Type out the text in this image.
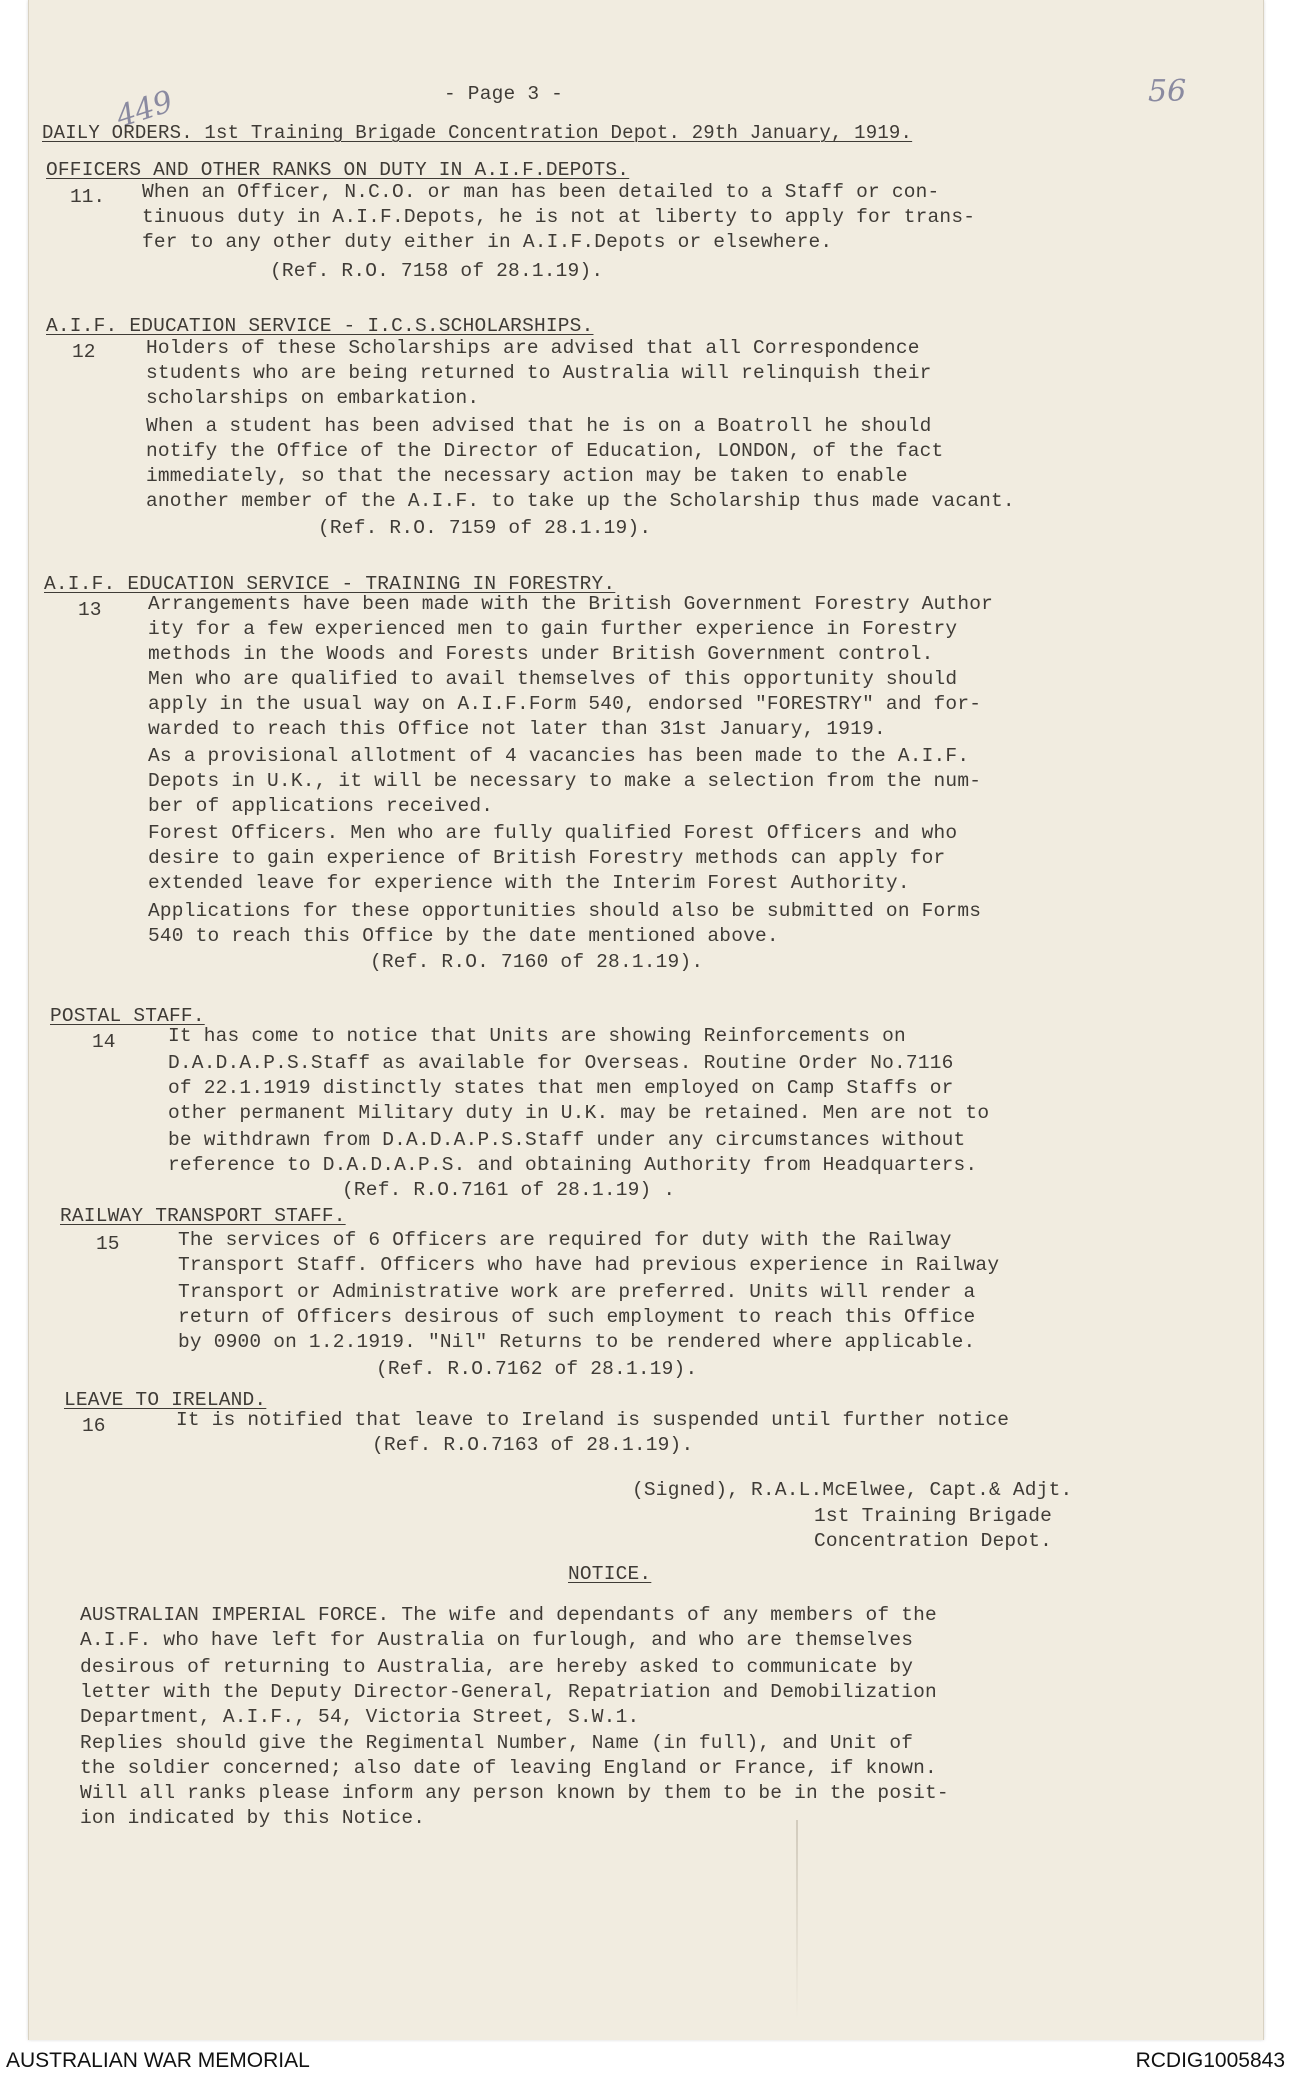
449	56

- Page 3 -

DAILY ORDERS. 1st Training Brigade Concentration Depot. 29th January, 1919.

OFFICERS AND OTHER RANKS ON DUTY IN A.I.F.DEPOTS.

11. When an Officer, N.C.O. or man has been detailed to a Staff or con-

tinuous duty in A.I.F.Depots, he is not at liberty to apply for trans-

fer to any other duty either in A.I.F.Depots or elsewhere.

(Ref. R.O. 7158 of 28.1.19).

A.I.F. EDUCATION SERVICE - I.C.S.SCHOLARSHIPS.

12	Holders of these Scholarships are advised that all Correspondence

students who are being returned to Australia will relinquish their

scholarships on embarkation.

When a student has been advised that he is on a Boatroll he should

notify the Office of the Director of Education, LONDON, of the fact

immediately, so that the necessary action may be taken to enable

another member of the A.I.F. to take up the Scholarship thus made vacant.

(Ref. R.O. 7159 of 28.1.19).

A.I.F. EDUCATION SERVICE - TRAINING IN FORESTRY.

13 Arrangements have been made with the British Government Forestry Author

ity for a few experienced men to gain further experience in Forestry

methods in the Woods and Forests under British Government control.

Men who are qualified to avail themselves of this opportunity should

apply in the usual way on A.I.F.Form 540, endorsed "FORESTRY" and for-

warded to reach this Office not later than 31st January, 1919.

As a provisional allotment of 4 vacancies has been made to the A.I.F.

Depots in U.K., it will be necessary to make a selection from the num-

ber of applications received.

Forest Officers. Men who are fully qualified Forest Officers and who

desire to gain experience of British Forestry methods can apply for

extended leave for experience with the Interim Forest Authority.

Applications for these opportunities should also be submitted on Forms

540 to reach this Office by the date mentioned above.

(Ref. R.O. 7160 of 28.1.19).

POSTAL STAFF.

14	It has come to notice that Units are showing Reinforcements on

D.A.D.A.P.S.Staff as available for Overseas. Routine Order No.7116

of 22.1.1919 distinctly states that men employed on Camp Staffs or

other permanent Military duty in U.K. may be retained. Men are not to

be withdrawn from D.A.D.A.P.S.Staff under any circumstances without

reference to D.A.D.A.P.S. and obtaining Authority from Headquarters.

(Ref. R.O.7161 of 28.1.19) .

RAILWAY TRANSPORT STAFF.

15	The services of 6 Officers are required for duty with the Railway

Transport Staff. Officers who have had previous experience in Railway

Transport or Administrative work are preferred. Units will render a

return of Officers desirous of such employment to reach this Office

by 0900 on 1.2.1919. "Nil" Returns to be rendered where applicable.

(Ref. R.O.7162 of 28.1.19).

LEAVE TO IRELAND.

16	It is notified that leave to Ireland is suspended until further notice

(Ref. R.O.7163 of 28.1.19).

(Signed), R.A.L.McElwee, Capt.& Adjt.

1st Training Brigade

Concentration Depot.

NOTICE.

AUSTRALIAN IMPERIAL FORCE. The wife and dependants of any members of the

A.I.F. who have left for Australia on furlough, and who are themselves

desirous of returning to Australia, are hereby asked to communicate by

letter with the Deputy Director-General, Repatriation and Demobilization

Department, A.I.F., 54, Victoria Street, S.W.1.

Replies should give the Regimental Number, Name (in full), and Unit of

the soldier concerned; also date of leaving England or France, if known.

Will all ranks please inform any person known by them to be in the posit-

ion indicated by this Notice.

AUSTRALIAN WAR MEMORIAL	RCDIG1005843
